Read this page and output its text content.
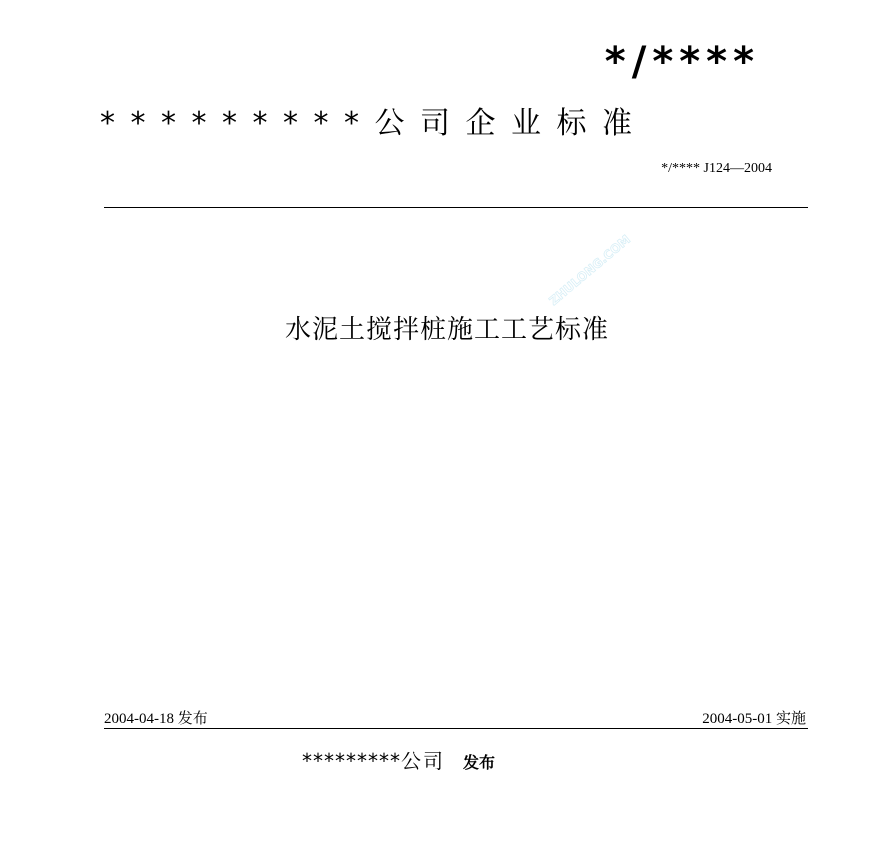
*/****
*********公司企业标准
*/**** J124—2004
ZHULONG.COM
水泥土搅拌桩施工工艺标准
2004-04-18 发布	2004-05-01 实施
*********公司 发布
